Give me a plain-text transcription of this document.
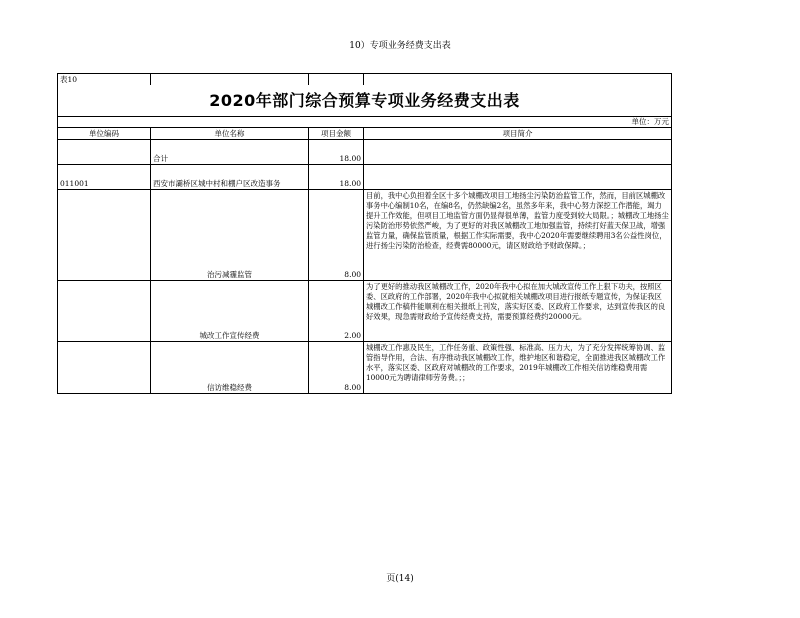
10）专项业务经费支出表
表10			
2020年部门综合预算专项业务经费支出表			
单位：万元			
单位编码	单位名称	项目金额	项目简介

	合计	18.00	

011001	西安市灞桥区城中村和棚户区改造事务	18.00	
	治污减霾监管	8.00	目前，我中心负担着全区十多个城棚改项目工地扬尘污染防治监管工作，然而，目前区城棚改事务中心编制10名，在编8名，仍然缺编2名，虽然多年来，我中心努力深挖工作潜能，竭力提升工作效能，但项目工地监管方面仍显得很单薄，监管力度受到较大局限。；城棚改工地扬尘污染防治形势依然严峻，为了更好的对我区城棚改工地加强监管，持续打好蓝天保卫战，增强监管力量，确保监管质量，根据工作实际需要，我中心2020年需要继续聘用3名公益性岗位，进行扬尘污染防治检查，经费需80000元，请区财政给予财政保障。；
	城改工作宣传经费	2.00	为了更好的推动我区城棚改工作，2020年我中心拟在加大城改宣传工作上狠下功夫，按照区委、区政府的工作部署，2020年我中心拟就相关城棚改项目进行报纸专题宣传，为保证我区城棚改工作稿件能顺利在相关报纸上刊发，落实好区委、区政府工作要求，达到宣传我区的良好效果，现急需财政给予宣传经费支持，需要预算经费约20000元。
	信访维稳经费	8.00	城棚改工作惠及民生，工作任务重、政策性强、标准高、压力大，为了充分发挥统筹协调、监管指导作用，合法、有序推动我区城棚改工作，维护地区和谐稳定，全面推进我区城棚改工作水平，落实区委、区政府对城棚改的工作要求，2019年城棚改工作相关信访维稳费用需10000元为聘请律师劳务费。；；
页(14)
